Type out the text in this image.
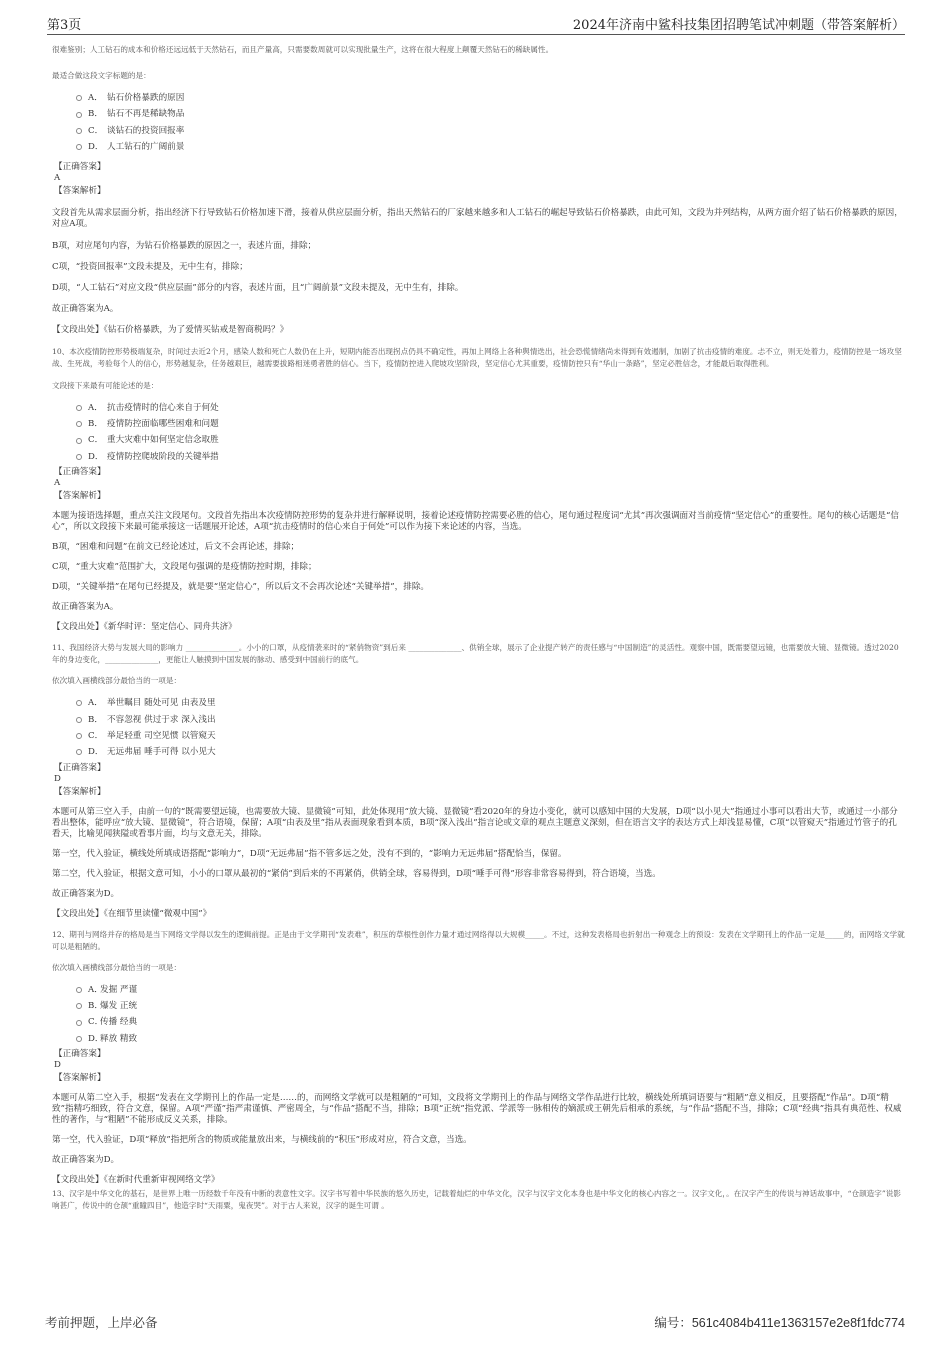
第3页	2024年济南中鲨科技集团招聘笔试冲刺题（带答案解析）

很难鉴别；人工钻石的成本和价格还远远低于天然钻石，而且产量高，只需要数周就可以实现批量生产，这将在很大程度上颠覆天然钻石的稀缺属性。

最适合做这段文字标题的是：

A． 钻石价格暴跌的原因
B． 钻石不再是稀缺物品
C． 谈钻石的投资回报率
D． 人工钻石的广阔前景

【正确答案】

A

【答案解析】

文段首先从需求层面分析，指出经济下行导致钻石价格加速下滑，接着从供应层面分析，指出天然钻石的厂家越来越多和人工钻石的崛起导致钻石价格暴跌，由此可知，文段为并列结构，从两方面介绍了钻石价格暴跌的原因，对应A项。

B项，对应尾句内容，为钻石价格暴跌的原因之一，表述片面，排除；

C项，“投资回报率”文段未提及，无中生有，排除；

D项，“人工钻石”对应文段“供应层面”部分的内容，表述片面，且“广阔前景”文段未提及，无中生有，排除。

故正确答案为A。

【文段出处】《钻石价格暴跌，为了爱情买钻戒是智商税吗？》

10、本次疫情防控形势极端复杂，时间过去近2个月，感染人数和死亡人数仍在上升，短期内能否出现拐点仍具不确定性，再加上网络上各种舆情迭出，社会恐慌情绪尚未得到有效遏制，加剧了抗击疫情的难度。忐不立，则无处着力，疫情防控是一场攻坚战、生死战，考验每个人的信心，形势越复杂，任务越艰巨，越需要拔路相迷勇者胜的信心。当下，疫情防控进入爬坡攻坚阶段，坚定信心尤其重要，疫情防控只有“华山一条路”，坚定必胜信念，才能最后取得胜利。

文段接下来最有可能论述的是：

A． 抗击疫情时的信心来自于何处
B． 疫情防控面临哪些困难和问题
C． 重大灾难中如何坚定信念取胜
D． 疫情防控爬坡阶段的关键举措

【正确答案】

A

【答案解析】

本题为接语选择题，重点关注文段尾句。文段首先指出本次疫情防控形势的复杂并进行解释说明，接着论述疫情防控需要必胜的信心，尾句通过程度词“尤其”再次强调面对当前疫情“坚定信心”的重要性。尾句的核心话题是“信心”，所以文段接下来最可能承接这一话题展开论述，A项“抗击疫情时的信心来自于何处”可以作为接下来论述的内容，当选。

B项，“困难和问题”在前文已经论述过，后文不会再论述，排除；

C项，“重大灾难”范围扩大，文段尾句强调的是疫情防控时期，排除；

D项，“关键举措”在尾句已经提及，就是要“坚定信心”，所以后文不会再次论述“关键举措”，排除。

故正确答案为A。

【文段出处】《新华时评：坚定信心、同舟共济》

11、我国经济大势与发展大局的影响力 ______________。小小的口罩，从疫情袭来时的“紧俏物资”到后来 ______________、供销全球，展示了企业提产转产的责任感与“中国制造”的灵活性。观察中国，既需要望远镜，也需要放大镜、显微镜。透过2020年的身边变化，______________，更能让人触摸到中国发展的脉动、感受到中国前行的底气。

依次填入画横线部分最恰当的一项是：

A． 举世瞩目 随处可见 由表及里
B． 不容忽视 供过于求 深入浅出
C． 举足轻重 司空见惯 以管窥天
D． 无远弗届 唾手可得 以小见大

【正确答案】

D

【答案解析】

本题可从第三空入手，由前一句的“既需要望远镜，也需要放大镜、显微镜”可知，此处体现用“放大镜、显微镜”看2020年的身边小变化，就可以感知中国的大发展，D项“以小见大”指通过小事可以看出大节，或通过一小部分看出整体，能呼应“放大镜、显微镜”，符合语境，保留；A项“由表及里”指从表面现象看到本质，B项“深入浅出”指言论或文章的观点主题意义深刻，但在语言文字的表达方式上却浅显易懂，C项“以管窥天”指通过竹管子的孔看天，比喻见闻狭隘或看事片面，均与文意无关，排除。

第一空，代入验证，横线处所填成语搭配“影响力”，D项“无远弗届”指不管多远之处，没有不到的，“影响力无远弗届”搭配恰当，保留。

第二空，代入验证，根据文意可知，小小的口罩从最初的“紧俏”到后来的不再紧俏，供销全球，容易得到，D项“唾手可得”形容非常容易得到，符合语境，当选。

故正确答案为D。

【文段出处】《在细节里读懂“微观中国”》

12、期刊与网络并存的格局是当下网络文学得以发生的逻辑前提。正是由于文学期刊“发表难”，积压的草根性创作力量才通过网络得以大规模_____。不过，这种发表格局也折射出一种观念上的预设：发表在文学期刊上的作品一定是_____的，而网络文学就可以是粗陋的。

依次填入画横线部分最恰当的一项是：

A．
发掘 严谨
B．
爆发 正统
C．
传播 经典
D．
释放 精致

【正确答案】

D

【答案解析】

本题可从第二空入手，根据“发表在文学期刊上的作品一定是……的，而网络文学就可以是粗陋的”可知，文段将文学期刊上的作品与网络文学作品进行比较，横线处所填词语要与“粗陋”意义相反，且要搭配“作品”。D项“精致”指精巧细致，符合文意，保留。A项“严谨”指严肃谨慎、严密周全，与“作品”搭配不当，排除；B项“正统”指党派、学派等一脉相传的嫡派或王朝先后相承的系统，与“作品”搭配不当，排除；C项“经典”指具有典范性、权威性的著作，与“粗陋”不能形成反义关系，排除。

第一空，代入验证，D项“释放”指把所含的物质或能量放出来，与横线前的“积压”形成对应，符合文意，当选。

故正确答案为D。

【文段出处】《在新时代重新审视网络文学》

13、汉字是中华文化的基石，是世界上唯一历经数千年没有中断的表意性文字。汉字书写着中华民族的悠久历史，记载着灿烂的中华文化，汉字与汉字文化本身也是中华文化的核心内容之一。汉字文化，。在汉字产生的传说与神话故事中，“仓颉造字”说影响甚广，传说中的仓颉“重瞳四目”，他造字时“天雨粟，鬼夜哭”。对于古人来说，汉字的诞生可谓 。

考前押题，上岸必备	编号：561c4084b411e1363157e2e8f1fdc774
